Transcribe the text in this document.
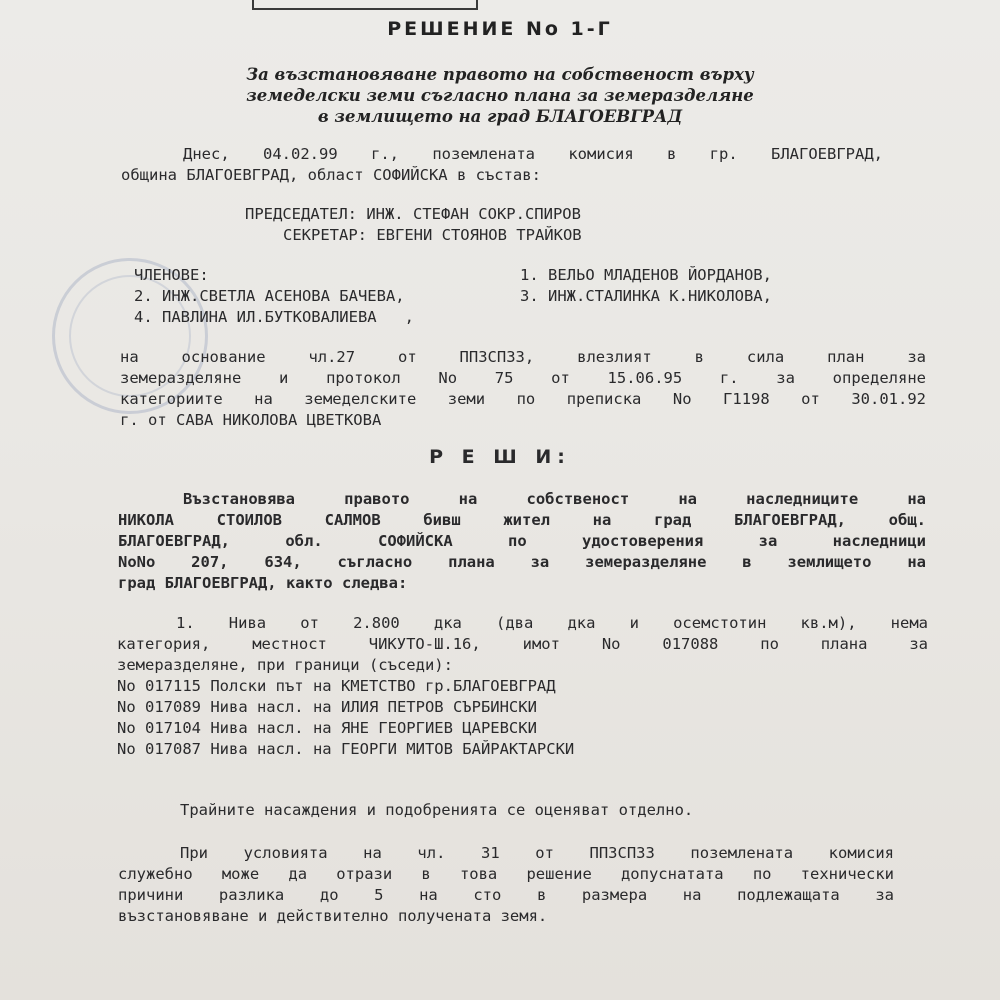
РЕШЕНИЕ No 1-Г
За възстановяване правото на собственост върху
земеделски земи съгласно плана за земеразделяне
в землището на град БЛАГОЕВГРАД
Днес, 04.02.99 г., поземлената комисия в гр. БЛАГОЕВГРАД,
община БЛАГОЕВГРАД, област СОФИЙСКА в състав:
ПРЕДСЕДАТЕЛ: ИНЖ. СТЕФАН СОКР.СПИРОВ
СЕКРЕТАР: ЕВГЕНИ СТОЯНОВ ТРАЙКОВ
ЧЛЕНОВЕ:	1. ВЕЛЬО МЛАДЕНОВ ЙОРДАНОВ,
2. ИНЖ.СВЕТЛА АСЕНОВА БАЧЕВА,	3. ИНЖ.СТАЛИНКА К.НИКОЛОВА,
4. ПАВЛИНА ИЛ.БУТКОВАЛИЕВА   ,
на основание чл.27 от ППЗСПЗЗ, влезлият в сила план за
земеразделяне и протокол No 75 от 15.06.95 г. за определяне
категориите на земеделските земи по преписка No Г1198 от 30.01.92
г. от САВА НИКОЛОВА ЦВЕТКОВА
Р Е Ш И:
Възстановява правото на собственост на наследниците на
НИКОЛА СТОИЛОВ САЛМОВ бивш жител на град БЛАГОЕВГРАД, общ.
БЛАГОЕВГРАД, обл. СОФИЙСКА по удостоверения за наследници
NoNo 207, 634, съгласно плана за земеразделяне в землището на
град БЛАГОЕВГРАД, както следва:
1. Нива от 2.800 дка (два дка и осемстотин кв.м), нема
категория, местност ЧИКУТО-Ш.16, имот No 017088 по плана за
земеразделяне, при граници (съседи):
No 017115 Полски път на КМЕТСТВО гр.БЛАГОЕВГРАД
No 017089 Нива насл. на ИЛИЯ ПЕТРОВ СЪРБИНСКИ
No 017104 Нива насл. на ЯНЕ ГЕОРГИЕВ ЦАРЕВСКИ
No 017087 Нива насл. на ГЕОРГИ МИТОВ БАЙРАКТАРСКИ
Трайните насаждения и подобренията се оценяват отделно.
При условията на чл. 31 от ППЗСПЗЗ поземлената комисия
служебно може да отрази в това решение допуснатата по технически
причини разлика до 5 на сто в размера на подлежащата за
възстановяване и действително получената земя.
